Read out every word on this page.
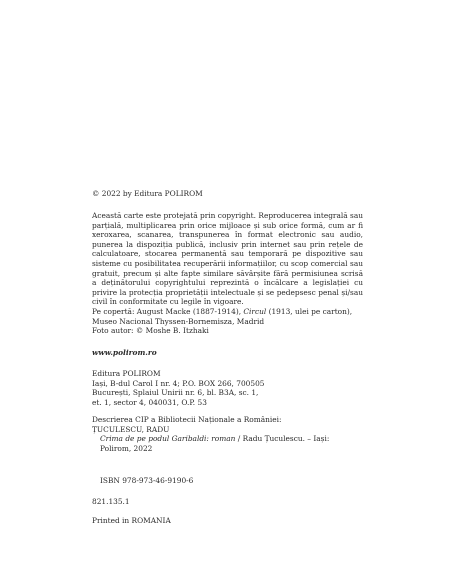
© 2022 by Editura POLIROM
Această carte este protejată prin copyright. Reproducerea integrală sau parțială, multiplicarea prin orice mijloace și sub orice formă, cum ar fi xeroxarea, scanarea, transpunerea în format electronic sau audio, punerea la dispoziția publică, inclusiv prin internet sau prin rețele de calculatoare, stocarea permanentă sau temporară pe dispozitive sau sisteme cu posibilitatea recuperării informațiilor, cu scop comercial sau gratuit, precum și alte fapte similare săvârșite fără permisiunea scrisă a deținătorului copyrightului reprezintă o încălcare a legislației cu privire la protecția proprietății intelectuale și se pedepsesc penal și/sau civil în conformitate cu legile în vigoare.
Pe copertă: August Macke (1887-1914), Circul (1913, ulei pe carton),
Museo Nacional Thyssen-Bornemisza, Madrid
Foto autor: © Moshe B. Itzhaki
www.polirom.ro
Editura POLIROM
Iași, B-dul Carol I nr. 4; P.O. BOX 266, 700505
București, Splaiul Unirii nr. 6, bl. B3A, sc. 1,
et. 1, sector 4, 040031, O.P. 53
Descrierea CIP a Bibliotecii Naționale a României:
ȚUCULESCU, RADU
Crima de pe podul Garibaldi: roman / Radu Țuculescu. – Iași:
Polirom, 2022
ISBN 978-973-46-9190-6
821.135.1
Printed in ROMANIA
